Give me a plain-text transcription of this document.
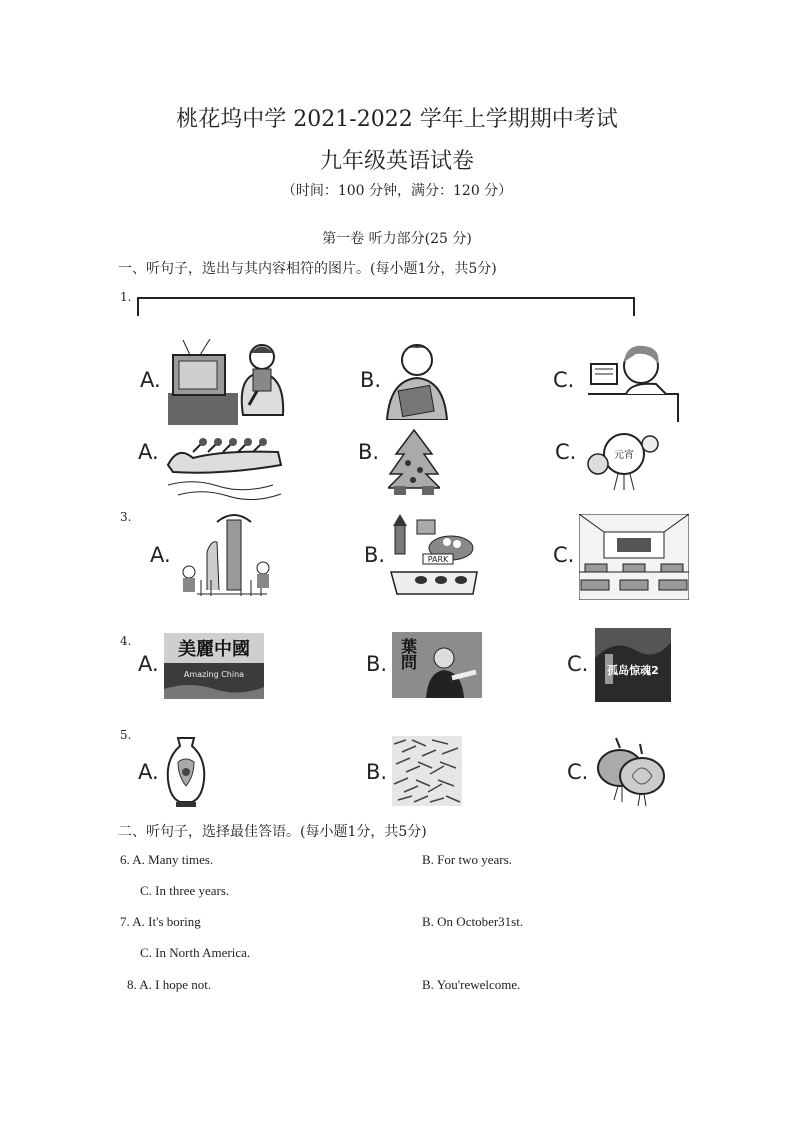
桃花坞中学 2021-2022 学年上学期期中考试
九年级英语试卷
（时间：100 分钟，满分：120 分）
第一卷 听力部分(25 分)
一、听句子，选出与其内容相符的图片。(每小题1分，共5分)
1.
A.	B.	C.
A.	B.	C.	元宵
3.
A.	B.	PARK	C.
4.
A.
美麗中國
Amazing China	B. 葉問	C. 孤岛惊魂2
5.
A.	B.	C.
二、听句子，选择最佳答语。(每小题1分，共5分)
6. A. Many times.	B. For two years.
C. In three years.
7. A. It's boring	B. On October31st.
C. In North America.
8. A. I hope not.	B. You'rewelcome.
